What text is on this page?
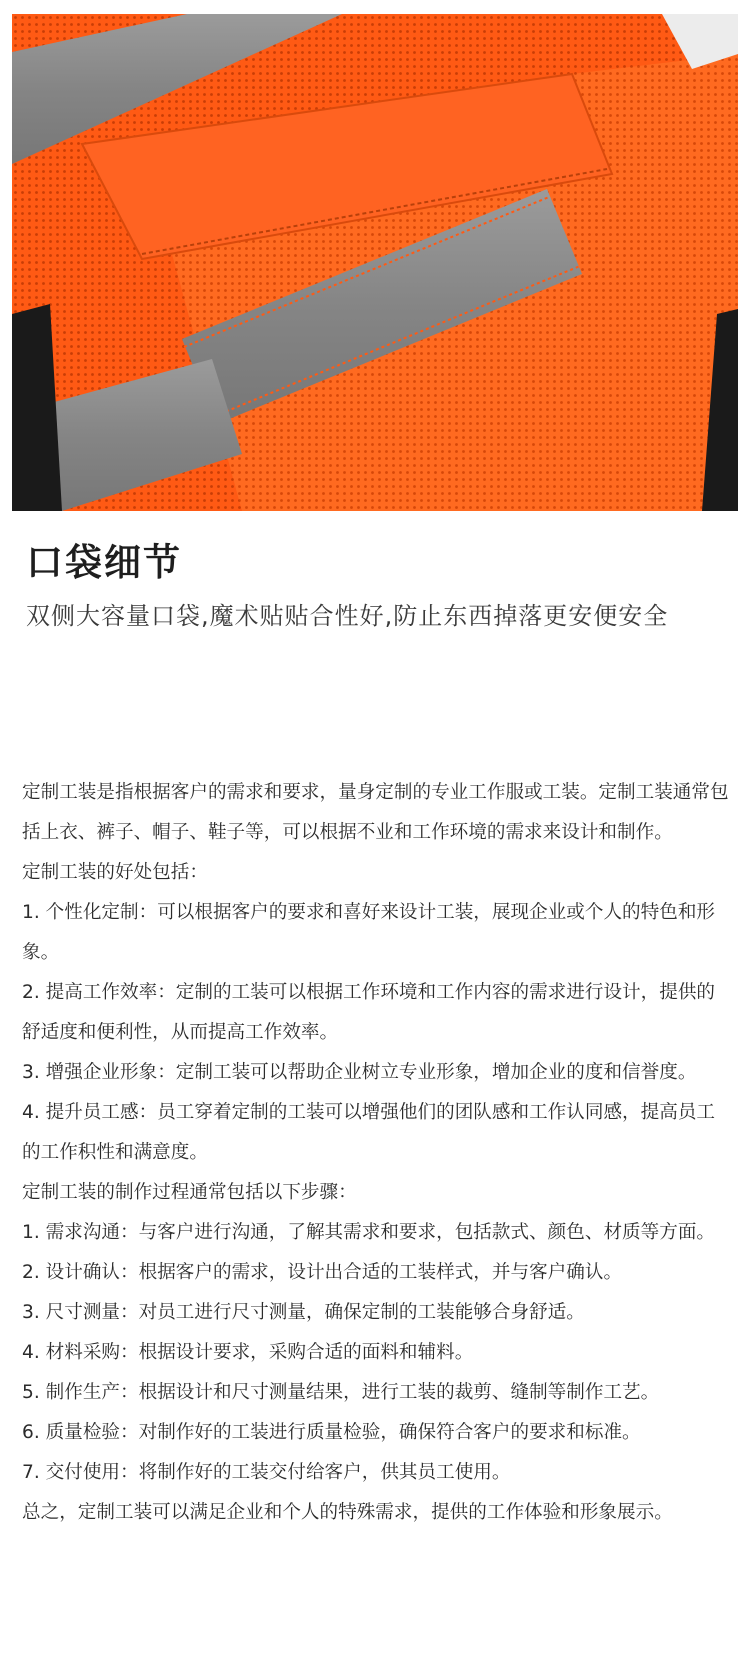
口袋细节
双侧大容量口袋,魔术贴贴合性好,防止东西掉落更安便安全

定制工装是指根据客户的需求和要求，量身定制的专业工作服或工装。定制工装通常包括上衣、裤子、帽子、鞋子等，可以根据不业和工作环境的需求来设计和制作。

定制工装的好处包括：

1. 个性化定制：可以根据客户的要求和喜好来设计工装，展现企业或个人的特色和形象。

2. 提高工作效率：定制的工装可以根据工作环境和工作内容的需求进行设计，提供的舒适度和便利性，从而提高工作效率。

3. 增强企业形象：定制工装可以帮助企业树立专业形象，增加企业的度和信誉度。

4. 提升员工感：员工穿着定制的工装可以增强他们的团队感和工作认同感，提高员工的工作积性和满意度。

定制工装的制作过程通常包括以下步骤：

1. 需求沟通：与客户进行沟通，了解其需求和要求，包括款式、颜色、材质等方面。

2. 设计确认：根据客户的需求，设计出合适的工装样式，并与客户确认。

3. 尺寸测量：对员工进行尺寸测量，确保定制的工装能够合身舒适。

4. 材料采购：根据设计要求，采购合适的面料和辅料。

5. 制作生产：根据设计和尺寸测量结果，进行工装的裁剪、缝制等制作工艺。

6. 质量检验：对制作好的工装进行质量检验，确保符合客户的要求和标准。

7. 交付使用：将制作好的工装交付给客户，供其员工使用。

总之，定制工装可以满足企业和个人的特殊需求，提供的工作体验和形象展示。
